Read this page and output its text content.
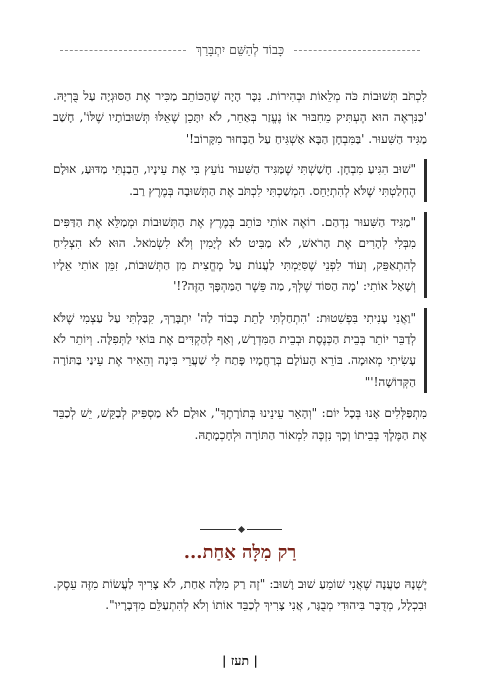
כָּבוֹד לְהַשֵּׁם יִתְבָּרַךְ

לִכְתֹּב תְּשׁוּבוֹת כֹּה מְלֵאוֹת וּבְהִירוֹת. נִכָּר הָיָה שֶׁהַכּוֹתֵב מַכִּיר אֶת הַסּוּגְיָה עַל בֻּרְיָהּ. 'כַּנִּרְאֶה הוּא הֶעְתִּיק מֵחִבּוּר אוֹ נֶעֱזַר בְּאַחֵר, לֹא יִתָּכֵן שֶׁאֵלּוּ תְּשׁוּבוֹתָיו שֶׁלּוֹ', חָשַׁב מַגִּיד הַשִּׁעוּר. 'בַּמִּבְחָן הַבָּא אַשְׁגִּיחַ עַל הַבָּחוּר מִקָּרוֹב!'

"שׁוּב הִגִּיעַ מִבְחָן. חָשַׁשְׁתִּי שֶׁמַּגִּיד הַשִּׁעוּר נוֹעֵץ בִּי אֶת עֵינָיו, הֵבַנְתִּי מַדּוּעַ, אוּלָם הֶחְלַטְתִּי שֶׁלֹּא לְהִתְיַחֵס. הִמְשַׁכְתִּי לִכְתֹּב אֶת הַתְּשׁוּבָה בְּמֶרֶץ רַב.

"מַגִּיד הַשִּׁעוּר נִדְהַם. רוֹאֶה אוֹתִי כּוֹתֵב בְּמֶרֶץ אֶת הַתְּשׁוּבוֹת וּמְמַלֵּא אֶת הַדַּפִּים מִבְּלִי לְהָרִים אֶת הָרֹאשׁ, לֹא מַבִּיט לֹא לְיָמִין וְלֹא לִשְׂמֹאל. הוּא לֹא הִצְלִיחַ לְהִתְאַפֵּק, וְעוֹד לִפְנֵי שֶׁסִּיַּמְתִּי לַעֲנוֹת עַל מֶחֱצִית מִן הַתְּשׁוּבוֹת, זִמֵּן אוֹתִי אֵלָיו וְשָׁאַל אוֹתִי: 'מָה הַסּוֹד שֶׁלְּךָ, מַה פֵּשֶׁר הַמַּהְפָּךְ הַזֶּה?!'

"וַאֲנִי עָנִיתִי בִּפְשִׁטוּת: 'הִתְחַלְתִּי לָתֵת כָּבוֹד לַה' יִתְבָּרַךְ, קִבַּלְתִּי עַל עַצְמִי שֶׁלֹּא לְדַבֵּר יוֹתֵר בְּבֵית הַכְּנֶסֶת וּבְבֵית הַמִּדְרָשׁ, וְאַף לְהַקְדִּים אֶת בּוֹאִי לַתְּפִלָּה. וְיוֹתֵר לֹא עָשִׂיתִי מְאוּמָה. בּוֹרֵא הָעוֹלָם בְּרַחֲמָיו פָּתַח לִי שַׁעֲרֵי בִּינָה וְהֵאִיר אֶת עֵינַי בַּתּוֹרָה הַקְּדוֹשָׁה!'"

מִתְפַּלְּלִים אָנוּ בְּכָל יוֹם: "וְהָאֵר עֵינֵינוּ בְּתוֹרָתֶךָ", אוּלָם לֹא מַסְפִּיק לְבַקֵּשׁ, יֵשׁ לְכַבֵּד אֶת הַמֶּלֶךְ בְּבֵיתוֹ וְכָךְ נִזְכֶּה לִמְאוֹר הַתּוֹרָה וּלְחָכְמָתָהּ.

רַק מִלָּה אַחַת...

יֶשְׁנָהּ טַעֲנָה שֶׁאֲנִי שׁוֹמֵעַ שׁוּב וָשׁוּב: "זֶה רַק מִלָּה אַחַת, לֹא צָרִיךְ לַעֲשׂוֹת מִזֶּה עֵסֶק. וּבִכְלָל, מְדֻבָּר בִּיהוּדִי מְבֻגָּר, אֲנִי צָרִיךְ לְכַבֵּד אוֹתוֹ וְלֹא לְהִתְעַלֵּם מִדְּבָרָיו".

| תעז |
